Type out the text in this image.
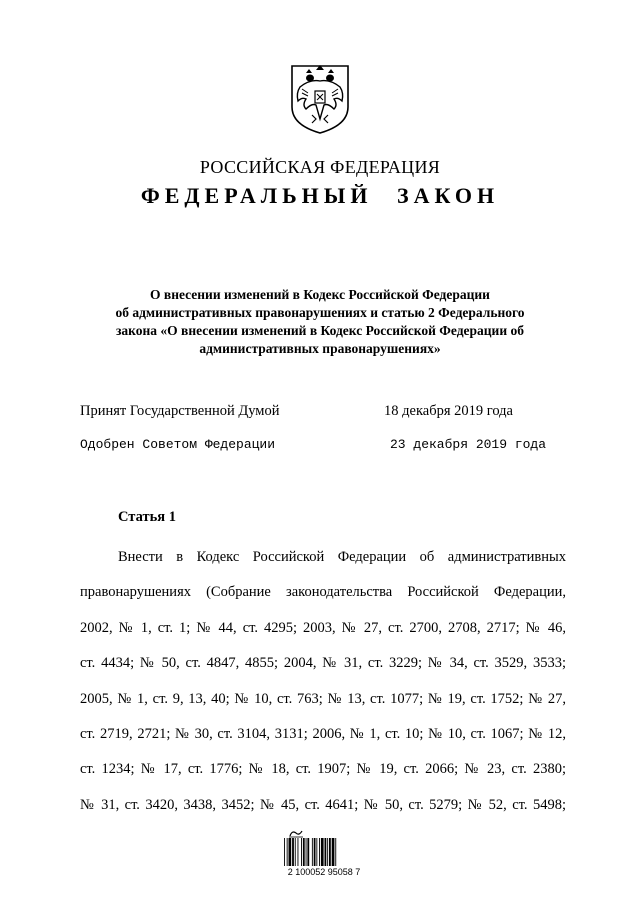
РОССИЙСКАЯ ФЕДЕРАЦИЯ
ФЕДЕРАЛЬНЫЙ ЗАКОН
О внесении изменений в Кодекс Российской Федерации
об административных правонарушениях и статью 2 Федерального
закона «О внесении изменений в Кодекс Российской Федерации об
административных правонарушениях»
Принят Государственной Думой	18 декабря 2019 года
Одобрен Советом Федерации	23 декабря 2019 года
Статья 1
Внести в Кодекс Российской Федерации об административных
правонарушениях (Собрание законодательства Российской Федерации,
2002, № 1, ст. 1; № 44, ст. 4295; 2003, № 27, ст. 2700, 2708, 2717; № 46,
ст. 4434; № 50, ст. 4847, 4855; 2004, № 31, ст. 3229; № 34, ст. 3529, 3533;
2005, № 1, ст. 9, 13, 40; № 10, ст. 763; № 13, ст. 1077; № 19, ст. 1752; № 27,
ст. 2719, 2721; № 30, ст. 3104, 3131; 2006, № 1, ст. 10; № 10, ст. 1067; № 12,
ст. 1234; № 17, ст. 1776; № 18, ст. 1907; № 19, ст. 2066; № 23, ст. 2380;
№ 31, ст. 3420, 3438, 3452; № 45, ст. 4641; № 50, ст. 5279; № 52, ст. 5498;
2 100052 95058 7
